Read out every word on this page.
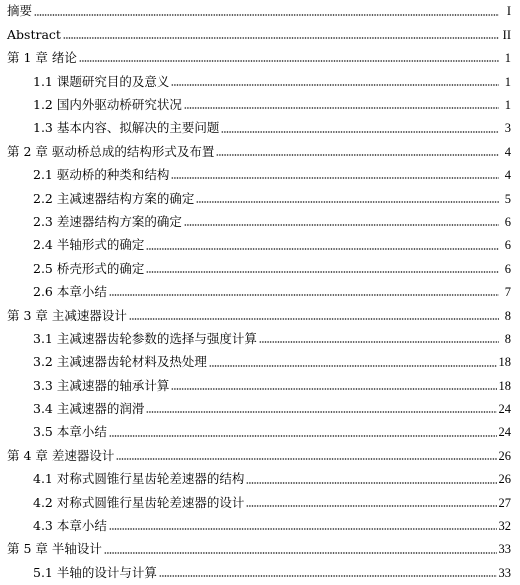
摘要	I
Abstract	II
第 1 章 绪论	1
1.1 课题研究目的及意义	1
1.2 国内外驱动桥研究状况	1
1.3 基本内容、拟解决的主要问题	3
第 2 章 驱动桥总成的结构形式及布置	4
2.1 驱动桥的种类和结构	4
2.2 主减速器结构方案的确定	5
2.3 差速器结构方案的确定	6
2.4 半轴形式的确定	6
2.5 桥壳形式的确定	6
2.6 本章小结	7
第 3 章 主减速器设计	8
3.1 主减速器齿轮参数的选择与强度计算	8
3.2 主减速器齿轮材料及热处理	18
3.3 主减速器的轴承计算	18
3.4 主减速器的润滑	24
3.5 本章小结	24
第 4 章 差速器设计	26
4.1 对称式圆锥行星齿轮差速器的结构	26
4.2 对称式圆锥行星齿轮差速器的设计	27
4.3 本章小结	32
第 5 章 半轴设计	33
5.1 半轴的设计与计算	33
